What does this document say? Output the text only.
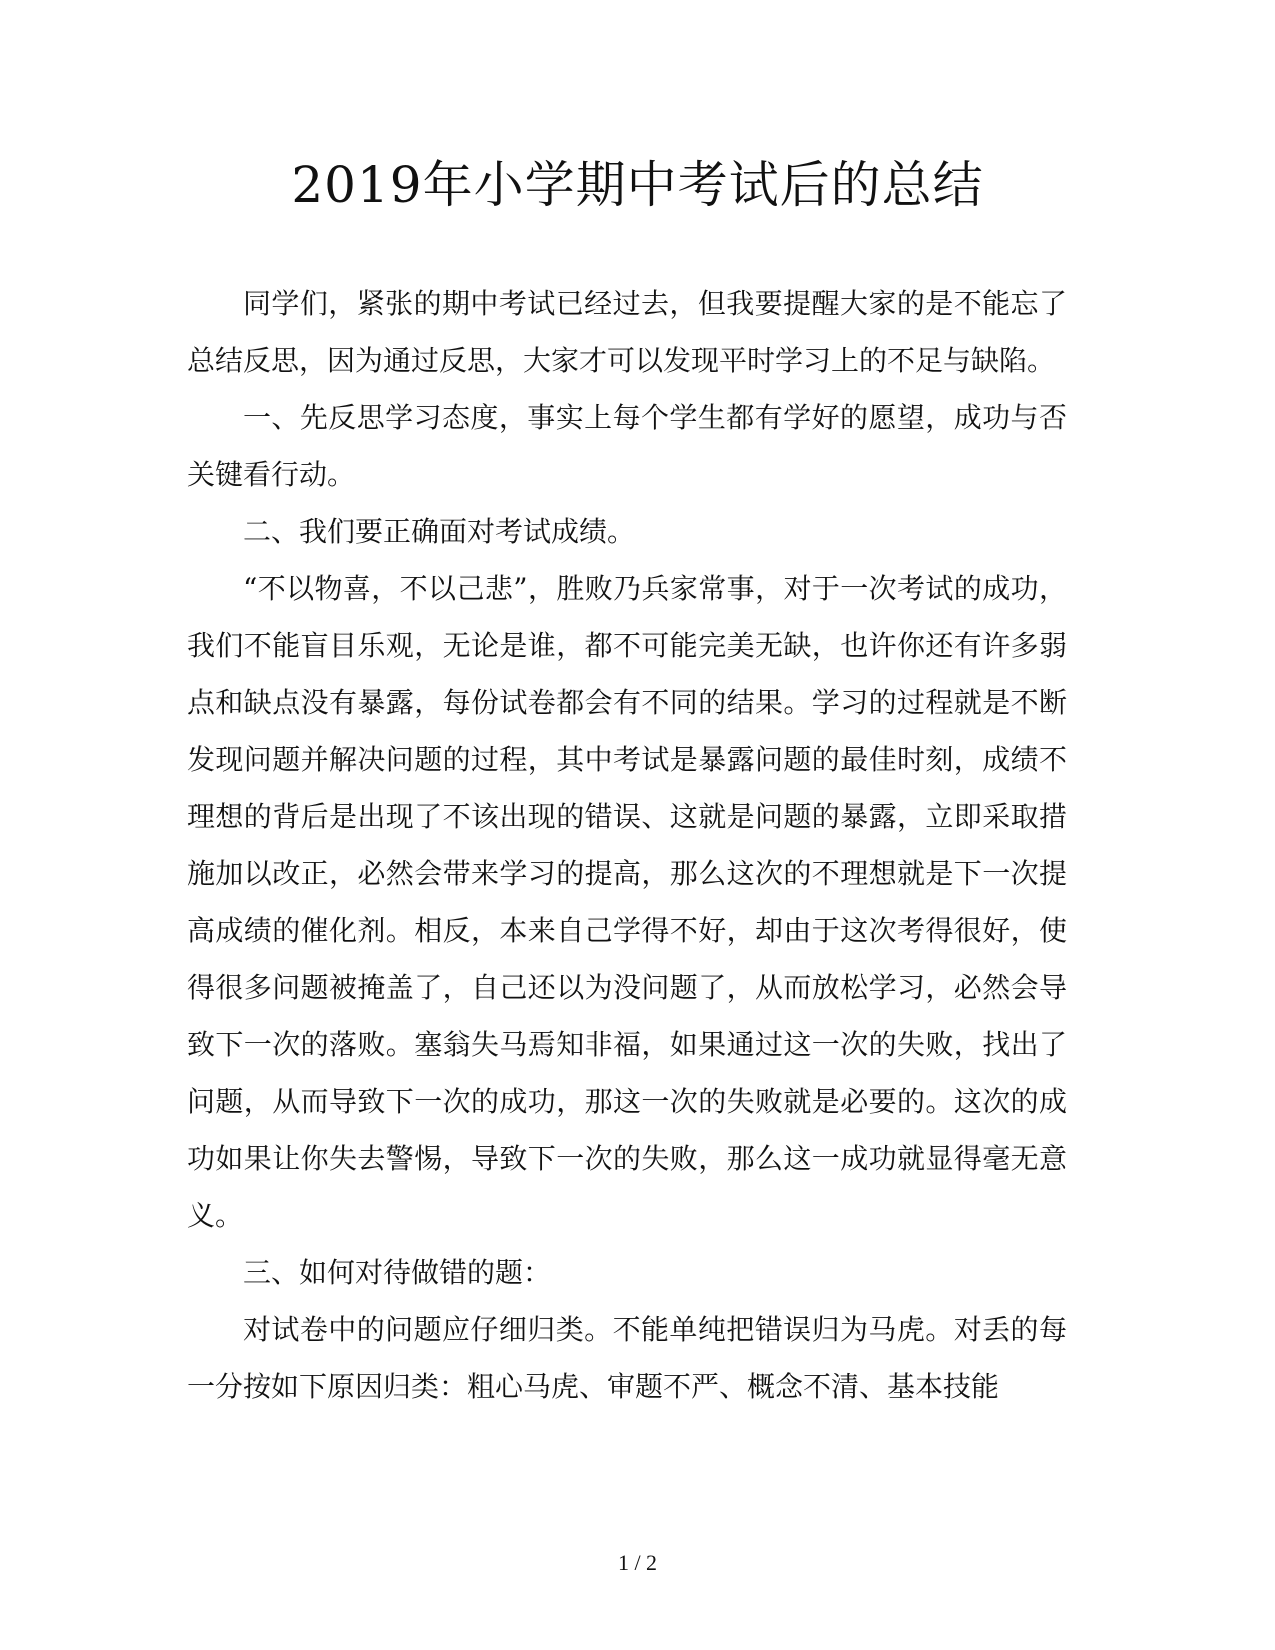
2019年小学期中考试后的总结

同学们，紧张的期中考试已经过去，但我要提醒大家的是不能忘了总结反思，因为通过反思，大家才可以发现平时学习上的不足与缺陷。

一、先反思学习态度，事实上每个学生都有学好的愿望，成功与否关键看行动。

二、我们要正确面对考试成绩。

“不以物喜，不以己悲”，胜败乃兵家常事，对于一次考试的成功，我们不能盲目乐观，无论是谁，都不可能完美无缺，也许你还有许多弱点和缺点没有暴露，每份试卷都会有不同的结果。学习的过程就是不断发现问题并解决问题的过程，其中考试是暴露问题的最佳时刻，成绩不理想的背后是出现了不该出现的错误、这就是问题的暴露，立即采取措施加以改正，必然会带来学习的提高，那么这次的不理想就是下一次提高成绩的催化剂。相反，本来自己学得不好，却由于这次考得很好，使得很多问题被掩盖了，自己还以为没问题了，从而放松学习，必然会导致下一次的落败。塞翁失马焉知非福，如果通过这一次的失败，找出了问题，从而导致下一次的成功，那这一次的失败就是必要的。这次的成功如果让你失去警惕，导致下一次的失败，那么这一成功就显得毫无意义。

三、如何对待做错的题：

对试卷中的问题应仔细归类。不能单纯把错误归为马虎。对丢的每一分按如下原因归类：粗心马虎、审题不严、概念不清、基本技能

1 / 2
